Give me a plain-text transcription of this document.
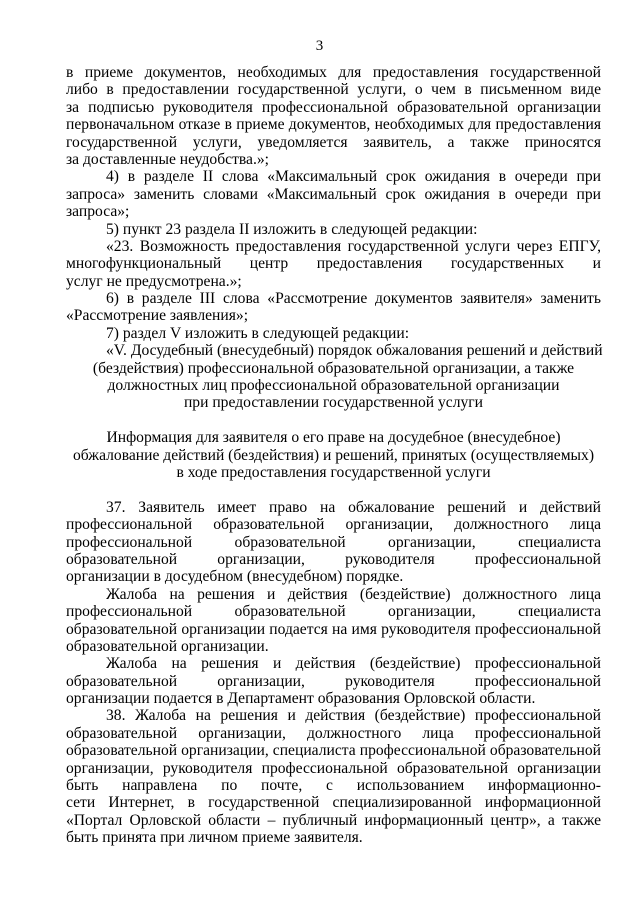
3
в приеме документов, необходимых для предоставления государственной
либо в предоставлении государственной услуги, о чем в письменном виде
за подписью руководителя профессиональной образовательной организации
первоначальном отказе в приеме документов, необходимых для предоставления
государственной услуги, уведомляется заявитель, а также приносятся
за доставленные неудобства.»;
4) в разделе II слова «Максимальный срок ожидания в очереди при
запроса» заменить словами «Максимальный срок ожидания в очереди при
запроса»;
5) пункт 23 раздела II изложить в следующей редакции:
«23. Возможность предоставления государственной услуги через ЕПГУ,
многофункциональный центр предоставления государственных и
услуг не предусмотрена.»;
6) в разделе III слова «Рассмотрение документов заявителя» заменить
«Рассмотрение заявления»;
7) раздел V изложить в следующей редакции:
«V. Досудебный (внесудебный) порядок обжалования решений и действий
(бездействия) профессиональной образовательной организации, а также
должностных лиц профессиональной образовательной организации
при предоставлении государственной услуги
Информация для заявителя о его праве на досудебное (внесудебное)
обжалование действий (бездействия) и решений, принятых (осуществляемых)
в ходе предоставления государственной услуги
37. Заявитель имеет право на обжалование решений и действий
профессиональной образовательной организации, должностного лица
профессиональной образовательной организации, специалиста
образовательной организации, руководителя профессиональной
организации в досудебном (внесудебном) порядке.
Жалоба на решения и действия (бездействие) должностного лица
профессиональной образовательной организации, специалиста
образовательной организации подается на имя руководителя профессиональной
образовательной организации.
Жалоба на решения и действия (бездействие) профессиональной
образовательной организации, руководителя профессиональной
организации подается в Департамент образования Орловской области.
38. Жалоба на решения и действия (бездействие) профессиональной
образовательной организации, должностного лица профессиональной
образовательной организации, специалиста профессиональной образовательной
организации, руководителя профессиональной образовательной организации
быть направлена по почте, с использованием информационно-
сети Интернет, в государственной специализированной информационной
«Портал Орловской области – публичный информационный центр», а также
быть принята при личном приеме заявителя.
